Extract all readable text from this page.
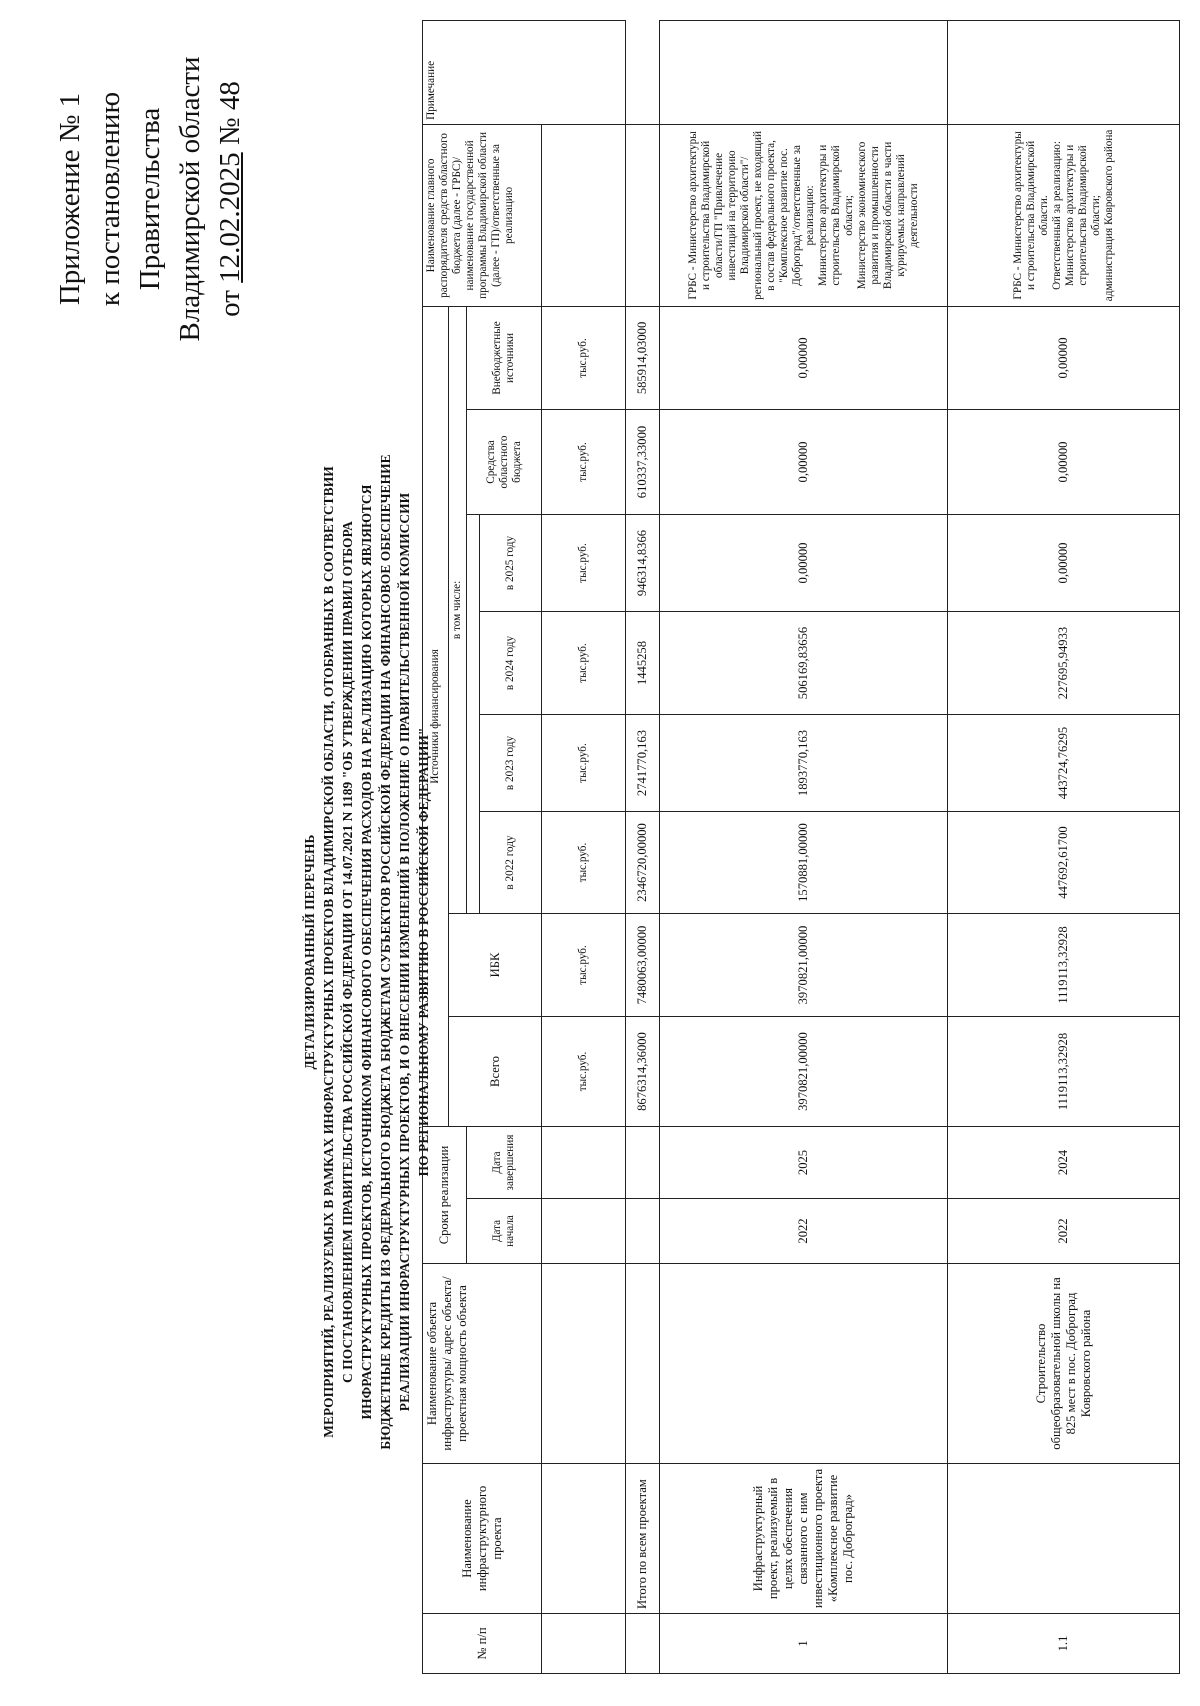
Приложение № 1 к постановлению Правительства Владимирской области от 12.02.2025 № 48
ДЕТАЛИЗИРОВАННЫЙ ПЕРЕЧЕНЬ МЕРОПРИЯТИЙ, РЕАЛИЗУЕМЫХ В РАМКАХ ИНФРАСТРУКТУРНЫХ ПРОЕКТОВ ВЛАДИМИРСКОЙ ОБЛАСТИ, ОТОБРАННЫХ В СООТВЕТСТВИИ С ПОСТАНОВЛЕНИЕМ ПРАВИТЕЛЬСТВА РОССИЙСКОЙ ФЕДЕРАЦИИ ОТ 14.07.2021 N 1189 "ОБ УТВЕРЖДЕНИИ ПРАВИЛ ОТБОРА ИНФРАСТРУКТУРНЫХ ПРОЕКТОВ, ИСТОЧНИКОМ ФИНАНСОВОГО ОБЕСПЕЧЕНИЯ РАСХОДОВ НА РЕАЛИЗАЦИЮ КОТОРЫХ ЯВЛЯЮТСЯ БЮДЖЕТНЫЕ КРЕДИТЫ ИЗ ФЕДЕРАЛЬНОГО БЮДЖЕТА БЮДЖЕТАМ СУБЪЕКТОВ РОССИЙСКОЙ ФЕДЕРАЦИИ НА ФИНАНСОВОЕ ОБЕСПЕЧЕНИЕ РЕАЛИЗАЦИИ ИНФРАСТРУКТУРНЫХ ПРОЕКТОВ, И О ВНЕСЕНИИ ИЗМЕНЕНИЙ В ПОЛОЖЕНИЕ О ПРАВИТЕЛЬСТВЕННОЙ КОМИССИИ ПО РЕГИОНАЛЬНОМУ РАЗВИТИЮ В РОССИЙСКОЙ ФЕДЕРАЦИИ"
№ п/п	Наименование инфраструктурного проекта	Наименование объекта инфраструктуры/ адрес объекта/ проектная мощность объекта	Сроки реализации		Источники финансирования								Наименование главного распорядителя средств областного бюджета (далее - ГРБС)/наименование государственной программы Владимирской области (далее - ГП)/ответственные за реализацию	Примечание
					Всего	ИБК	в том числе:							
			Дата начала	Дата завершения							Средства областного бюджета	Внебюджетные источники		
							в 2022 году	в 2023 году	в 2024 году	в 2025 году				
					тыс.руб.	тыс.руб.	тыс.руб.	тыс.руб.	тыс.руб.	тыс.руб.	тыс.руб.	тыс.руб.		
	Итого по всем проектам				8676314,36000	7480063,00000	2346720,00000	2741770,163	1445258	946314,8366	610337,33000	585914,03000		
1	Инфраструктурный проект, реализуемый в целях обеспечения связанного с ним инвестиционного проекта «Комплексное развитие пос. Доброград»		2022	2025	3970821,00000	3970821,00000	1570881,00000	1893770,163	506169,83656	0,00000	0,00000	0,00000	ГРБС - Министерство архитектуры и строительства Владимирской области/ГП "Привлечение инвестиций на территорию Владимирской области"/региональный проект, не входящий в состав федерального проекта, "Комплексное развитие пос. Доброград"/ответственные за реализацию: Министерство архитектуры и строительства Владимирской области; Министерство экономического развития и промышленности Владимирской области в части курируемых направлений деятельности	

1.1		Строительство общеобразовательной школы на 825 мест в пос. Доброград Ковровского района	2022	2024	1119113,32928	1119113,32928	447692,61700	443724,76295	227695,94933	0,00000	0,00000	0,00000	ГРБС - Министерство архитектуры и строительства Владимирской области. Ответственный за реализацию: Министерство архитектуры и строительства Владимирской области; администрация Ковровского района	
